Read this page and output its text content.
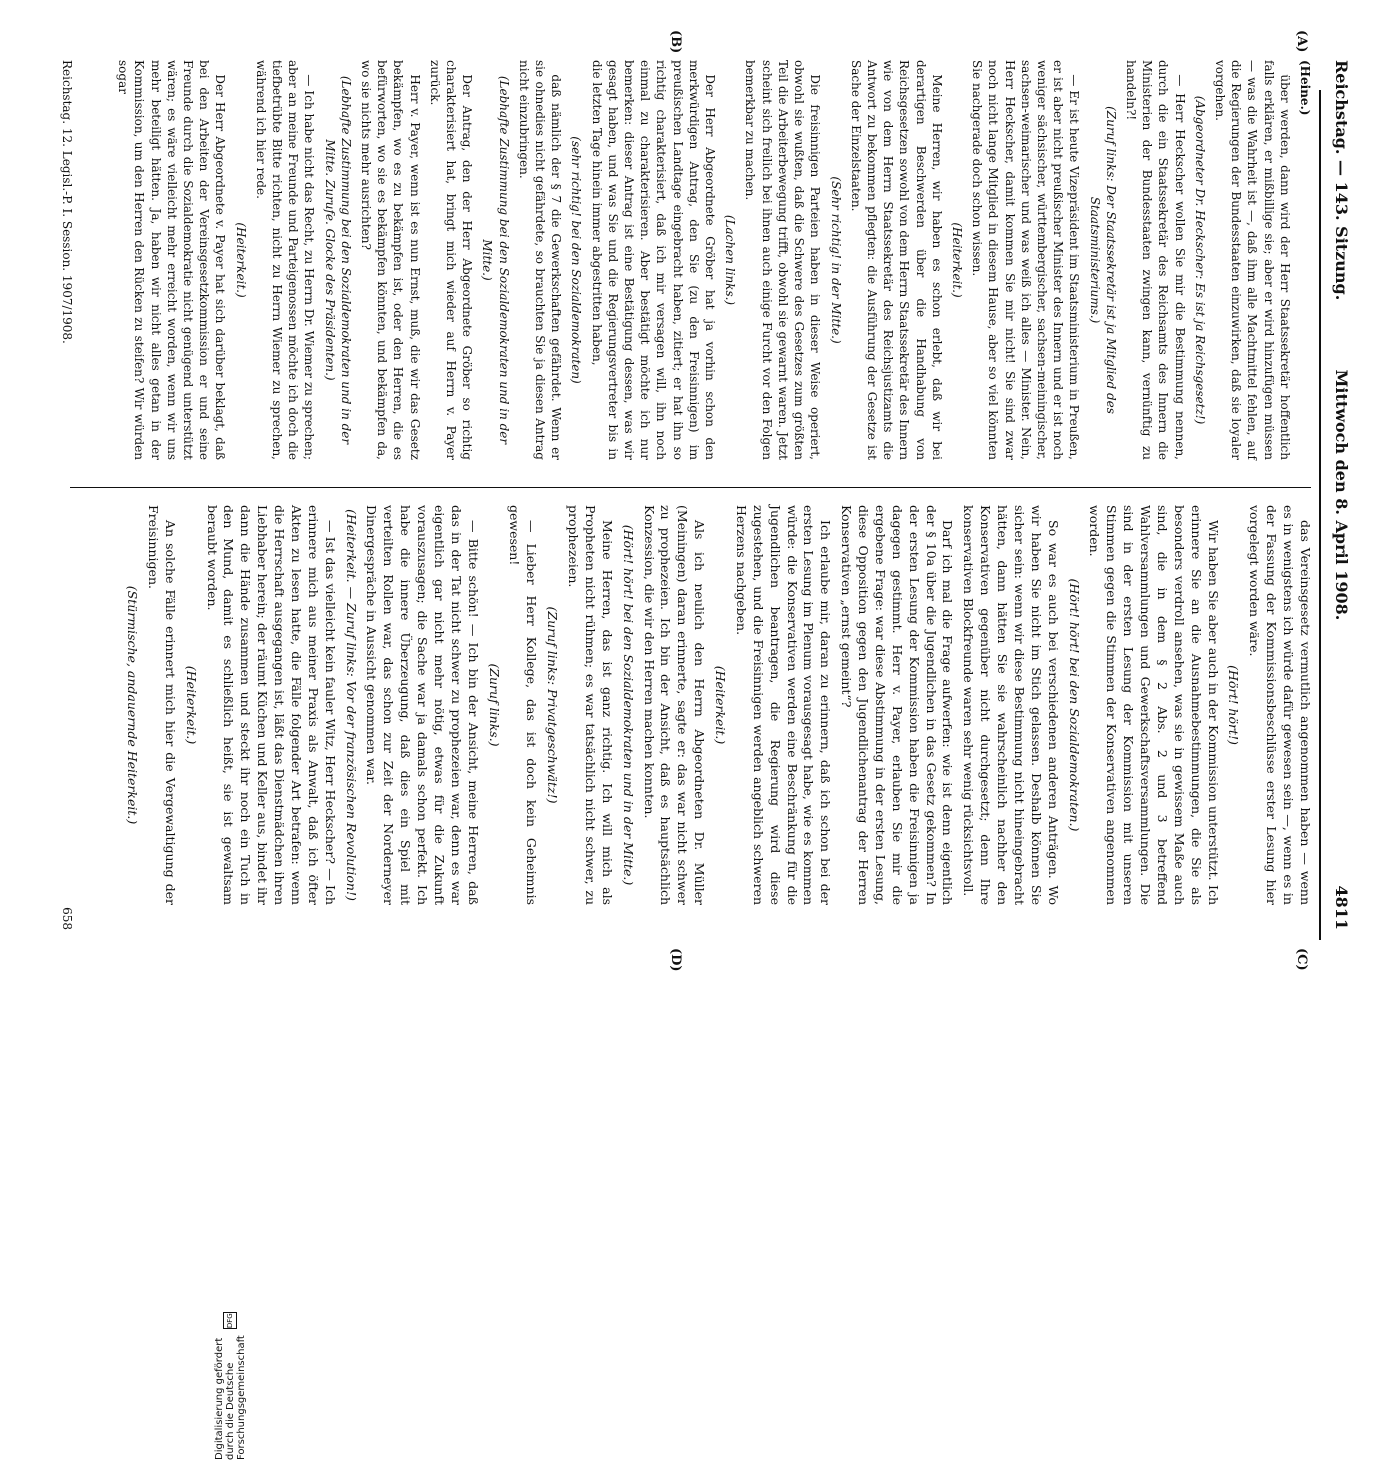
Reichstag. — 143. Sitzung.
Mittwoch den 8. April 1908.
4811
(A)
(B)
(C)
(D)

(Heine.)

über werden, dann wird der Herr Staatssekretär hoffentlich falls erklären, er mißbillige sie; aber er wird hinzufügen müssen — was die Wahrheit ist —, daß ihm alle Machtmittel fehlen, auf die Regierungen der Bundesstaaten einzuwirken, daß sie loyaler vorgehen.

(Abgeordneter Dr. Heckscher: Es ist ja Reichsgesetz!)

— Herr Heckscher wollen Sie mir die Bestimmung nennen, durch die ein Staatssekretär des Reichsamts des Innern die Ministerien der Bundesstaaten zwingen kann, vernünftig zu handeln?!

(Zuruf links: Der Staatssekretär ist ja Mitglied des Staatsministeriums.)

— Er ist heute Vizepräsident im Staatsministerium in Preußen, er ist aber nicht preußischer Minister des Innern und er ist noch weniger sächsischer, württembergischer, sachsen-meiningischer, sachsen-weimarischer und was weiß ich alles — Minister. Nein, Herr Heckscher, damit kommen Sie mir nicht! Sie sind zwar noch nicht lange Mitglied in diesem Hause, aber so viel könnten Sie nachgerade doch schon wissen.

(Heiterkeit.)

Meine Herren, wir haben es schon erlebt, daß wir bei derartigen Beschwerden über die Handhabung von Reichsgesetzen sowohl von dem Herrn Staatssekretär des Innern wie von dem Herrn Staatssekretär des Reichsjustizamts die Antwort zu bekommen pflegten: die Ausführung der Gesetze ist Sache der Einzelstaaten.

(Sehr richtig! in der Mitte.)

Die freisinnigen Parteien haben in dieser Weise operiert, obwohl sie wußten, daß die Schwere des Gesetzes zum größten Teil die Arbeiterbewegung trifft, obwohl sie gewarnt waren. Jetzt scheint sich freilich bei ihnen auch einige Furcht vor den Folgen bemerkbar zu machen.

(Lachen links.)

Der Herr Abgeordnete Gröber hat ja vorhin schon den merkwürdigen Antrag, den Sie (zu den Freisinnigen) im preußischen Landtage eingebracht haben, zitiert; er hat ihn so richtig charakterisiert, daß ich mir versagen will, ihn noch einmal zu charakterisieren. Aber bestätigt möchte ich nur bemerken: dieser Antrag ist eine Bestätigung dessen, was wir gesagt haben, und was Sie und die Regierungsvertreter bis in die letzten Tage hinein immer abgestritten haben,

(sehr richtig! bei den Sozialdemokraten)

daß nämlich der § 7 die Gewerkschaften gefährdet. Wenn er sie ohnedies nicht gefährdete, so brauchten Sie ja diesen Antrag nicht einzubringen.

(Lebhafte Zustimmung bei den Sozialdemokraten und in der Mitte.)

Der Antrag, den der Herr Abgeordnete Gröber so richtig charakterisiert hat, bringt mich wieder auf Herrn v. Payer zurück.

Herr v. Payer, wenn ist es nun Ernst, muß, die wir das Gesetz bekämpfen, wo es zu bekämpfen ist, oder den Herren, die es befürworten, wo sie es bekämpfen könnten, und bekämpfen da, wo sie nichts mehr ausrichten?

(Lebhafte Zustimmung bei den Sozialdemokraten und in der Mitte. Zurufe. Glocke des Präsidenten.)

— Ich habe nicht das Recht, zu Herrn Dr. Wiemer zu sprechen; aber an meine Freunde und Parteigenossen möchte ich doch die tiefbetrübte Bitte richten, nicht zu Herrn Wiemer zu sprechen, während ich hier rede.

(Heiterkeit.)

Der Herr Abgeordnete v. Payer hat sich darüber beklagt, daß bei den Arbeiten der Vereinsgesetzkommission er und seine Freunde durch die Sozialdemokratie nicht genügend unterstützt wären; es wäre vielleicht mehr erreicht worden, wenn wir uns mehr beteiligt hätten. Ja, haben wir nicht alles getan in der Kommission, um den Herren den Rücken zu steifen? Wir würden sogar

das Vereinsgesetz vermutlich angenommen haben — wenn es in wenigstens ich würde dafür gewesen sein —, wenn es in der Fassung der Kommissionsbeschlüsse erster Lesung hier vorgelegt worden wäre.

(Hört! hört!)

Wir haben Sie aber auch in der Kommission unterstützt. Ich erinnere Sie an die Ausnahmebestimmungen, die Sie als besonders verdroll ansehen, was sie in gewissem Maße auch sind, die in dem § 2 Abs. 2 und 3 betreffend Wahlversammlungen und Gewerkschaftsversammlungen. Die sind in der ersten Lesung der Kommission mit unseren Stimmen gegen die Stimmen der Konservativen angenommen worden.

(Hört! hört! bei den Sozialdemokraten.)

So war es auch bei verschiedenen anderen Anträgen. Wo wir haben Sie nicht im Stich gelassen. Deshalb können Sie sicher sein: wenn wir diese Bestimmung nicht hineingebracht hätten, dann hätten Sie sie wahrscheinlich nachher den Konservativen gegenüber nicht durchgesetzt; denn Ihre konservativen Blockfreunde waren sehr wenig rücksichtsvoll.

Darf ich mal die Frage aufwerfen: wie ist denn eigentlich der § 10a über die Jugendlichen in das Gesetz gekommen? In der ersten Lesung der Kommission haben die Freisinnigen ja dagegen gestimmt. Herr v. Payer, erlauben Sie mir die ergebene Frage: war diese Abstimmung in der ersten Lesung, diese Opposition gegen den Jugendlichenantrag der Herren Konservativen „ernst gemeint“?

Ich erlaube mir, daran zu erinnern, daß ich schon bei der ersten Lesung im Plenum vorausgesagt habe, wie es kommen würde: die Konservativen werden eine Beschränkung für die Jugendlichen beantragen, die Regierung wird diese zugestehen, und die Freisinnigen werden angeblich schweren Herzens nachgeben.

(Heiterkeit.)

Als ich neulich den Herrn Abgeordneten Dr. Müller (Meiningen) daran erinnerte, sagte er: das war nicht schwer zu prophezeien. Ich bin der Ansicht, daß es hauptsächlich Konzession, die wir den Herren machen konnten.

(Hört! hört! bei den Sozialdemokraten und in der Mitte.)

Meine Herren, das ist ganz richtig. Ich will mich als Propheten nicht rühmen; es war tatsächlich nicht schwer, zu prophezeien.

(Zuruf links: Privatgeschwätz!)

— Lieber Herr Kollege, das ist doch kein Geheimnis gewesen!

(Zuruf links.)

— Bitte schön! — Ich bin der Ansicht, meine Herren, daß das in der Tat nicht schwer zu prophezeien war, denn es war eigentlich gar nicht mehr nötig, etwas für die Zukunft vorauszusagen; die Sache war ja damals schon perfekt. Ich habe die innere Überzeugung, daß dies ein Spiel mit verteilten Rollen war, das schon zur Zeit der Norderneyer Dinergespräche in Aussicht genommen war.

(Heiterkeit. — Zuruf links: Vor der französischen Revolution!)

— Ist das vielleicht kein fauler Witz, Herr Heckscher? — Ich erinnere mich aus meiner Praxis als Anwalt, daß ich öfter Akten zu lesen hatte, die Fälle folgender Art betrafen: wenn die Herrschaft ausgegangen ist, läßt das Dienstmädchen ihren Liebhaber herein; der räumt Küchen und Keller aus, bindet ihr dann die Hände zusammen und steckt ihr noch ein Tuch in den Mund, damit es schließlich heißt, sie ist gewaltsam beraubt worden.

(Heiterkeit.)

An solche Fälle erinnert mich hier die Vergewaltigung der Freisinnigen.

(Stürmische, andauernde Heiterkeit.)

Reichstag. 12. Legisl.-P. I. Session. 1907/1908.
658
Digitalisierung gefördert durch die Deutsche Forschungsgemeinschaft
DFG
